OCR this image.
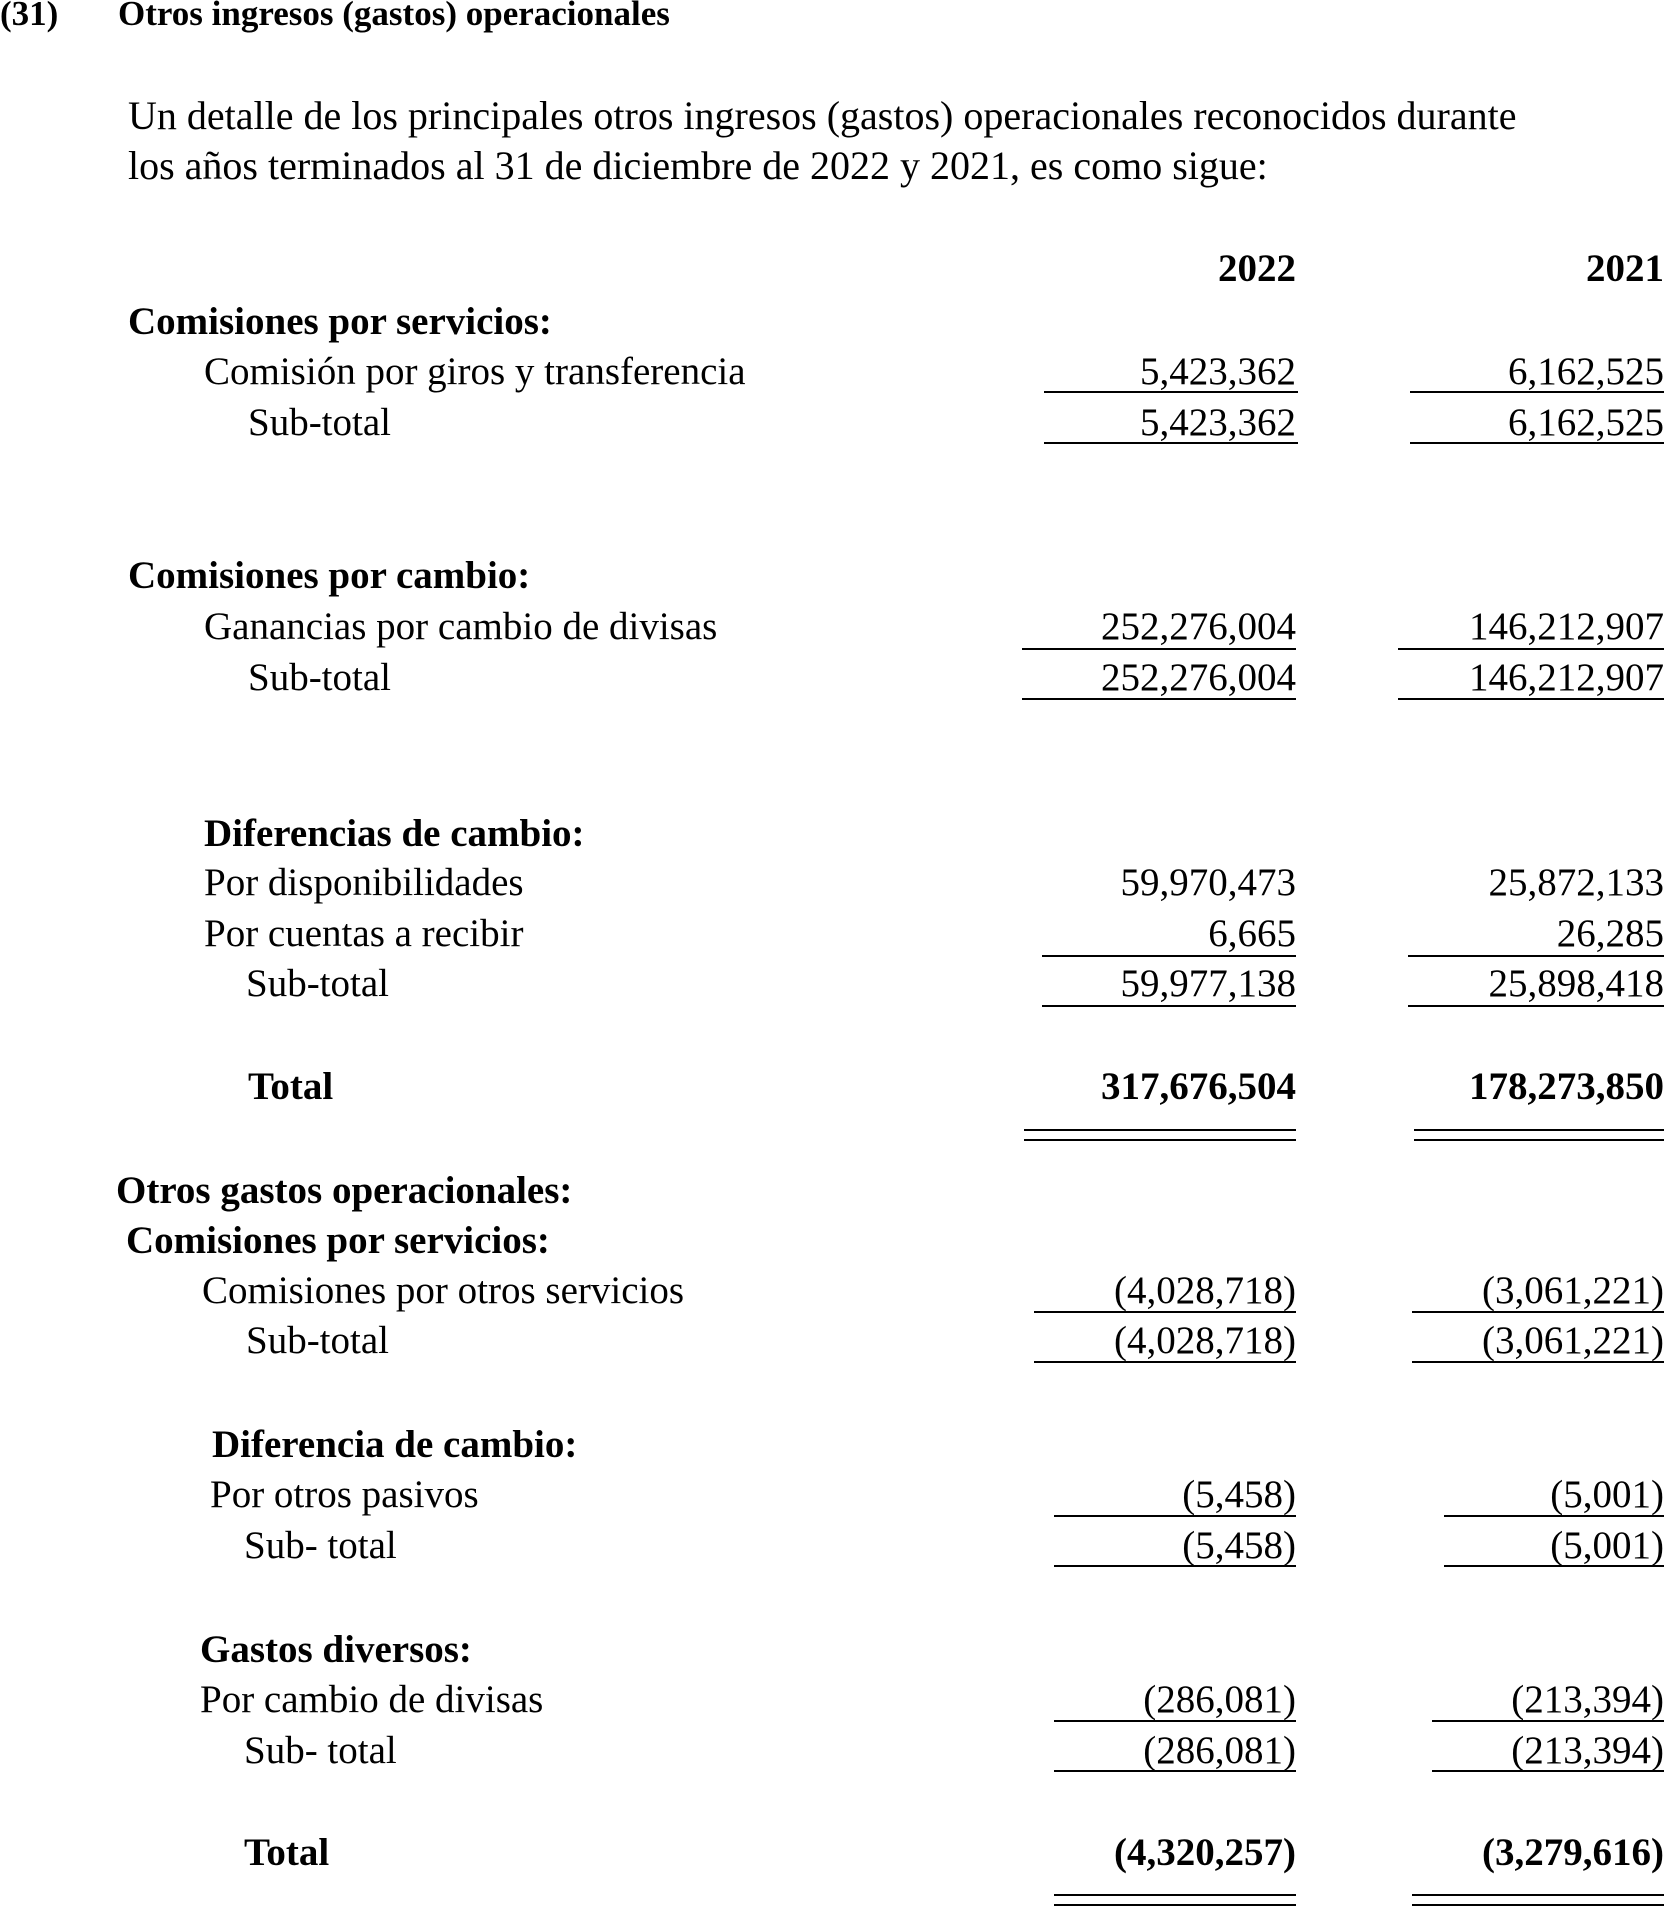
(31) Otros ingresos (gastos) operacionales
Un detalle de los principales otros ingresos (gastos) operacionales reconocidos durante
los años terminados al 31 de diciembre de 2022 y 2021, es como sigue:
2022	2021
Comisiones por servicios:
Comisión por giros y transferencia	5,423,362	6,162,525
Sub-total	5,423,362	6,162,525
Comisiones por cambio:
Ganancias por cambio de divisas	252,276,004	146,212,907
Sub-total	252,276,004	146,212,907
Diferencias de cambio:
Por disponibilidades	59,970,473	25,872,133
Por cuentas a recibir	6,665	26,285
Sub-total	59,977,138	25,898,418
Total	317,676,504	178,273,850
Otros gastos operacionales:
Comisiones por servicios:
Comisiones por otros servicios	(4,028,718)	(3,061,221)
Sub-total	(4,028,718)	(3,061,221)
Diferencia de cambio:
Por otros pasivos	(5,458)	(5,001)
Sub- total	(5,458)	(5,001)
Gastos diversos:
Por cambio de divisas	(286,081)	(213,394)
Sub- total	(286,081)	(213,394)
Total	(4,320,257)	(3,279,616)
